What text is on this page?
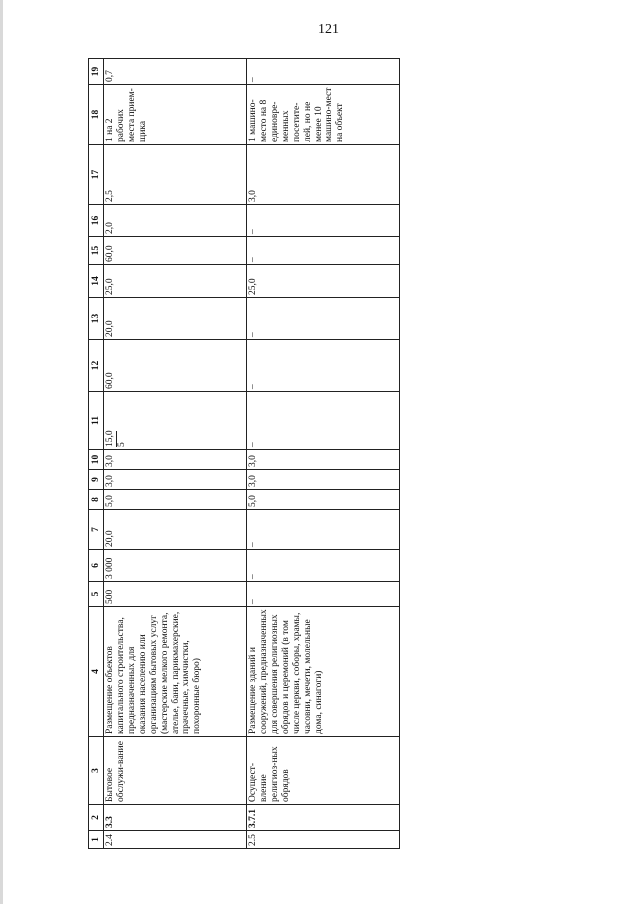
121
1	2	3	4	5	6	7	8	9	10	11	12	13	14	15	16	17	18	19
2.4	3.3	Бытовое обслужи-вание	Размещение объектов капитального строительства, предназначенных для оказания населению или организациям бытовых услуг (мастерские мелкого ремонта, ателье, бани, парикмахерские, прачечные, химчистки, похоронные бюро)	500	3 000	20,0	5,0	3,0	3,0	15,0 5	60,0	20,0	25,0	60,0	2,0	2,5	1 на 2 рабочих места прием-щика	0,7
2.5	3.7.1	Осущест-вление религиоз-ных обрядов	Размещение зданий и сооружений, предназначенных для совершения религиозных обрядов и церемоний (в том числе церкви, соборы, храмы, часовни, мечети, молельные дома, синагоги)	–	–	–	5,0	3,0	3,0	–	–	–	25,0	–	–	3,0	1 машино-место на 8 единовре-менных посетите-лей, но не менее 10 машино-мест на объект	–
